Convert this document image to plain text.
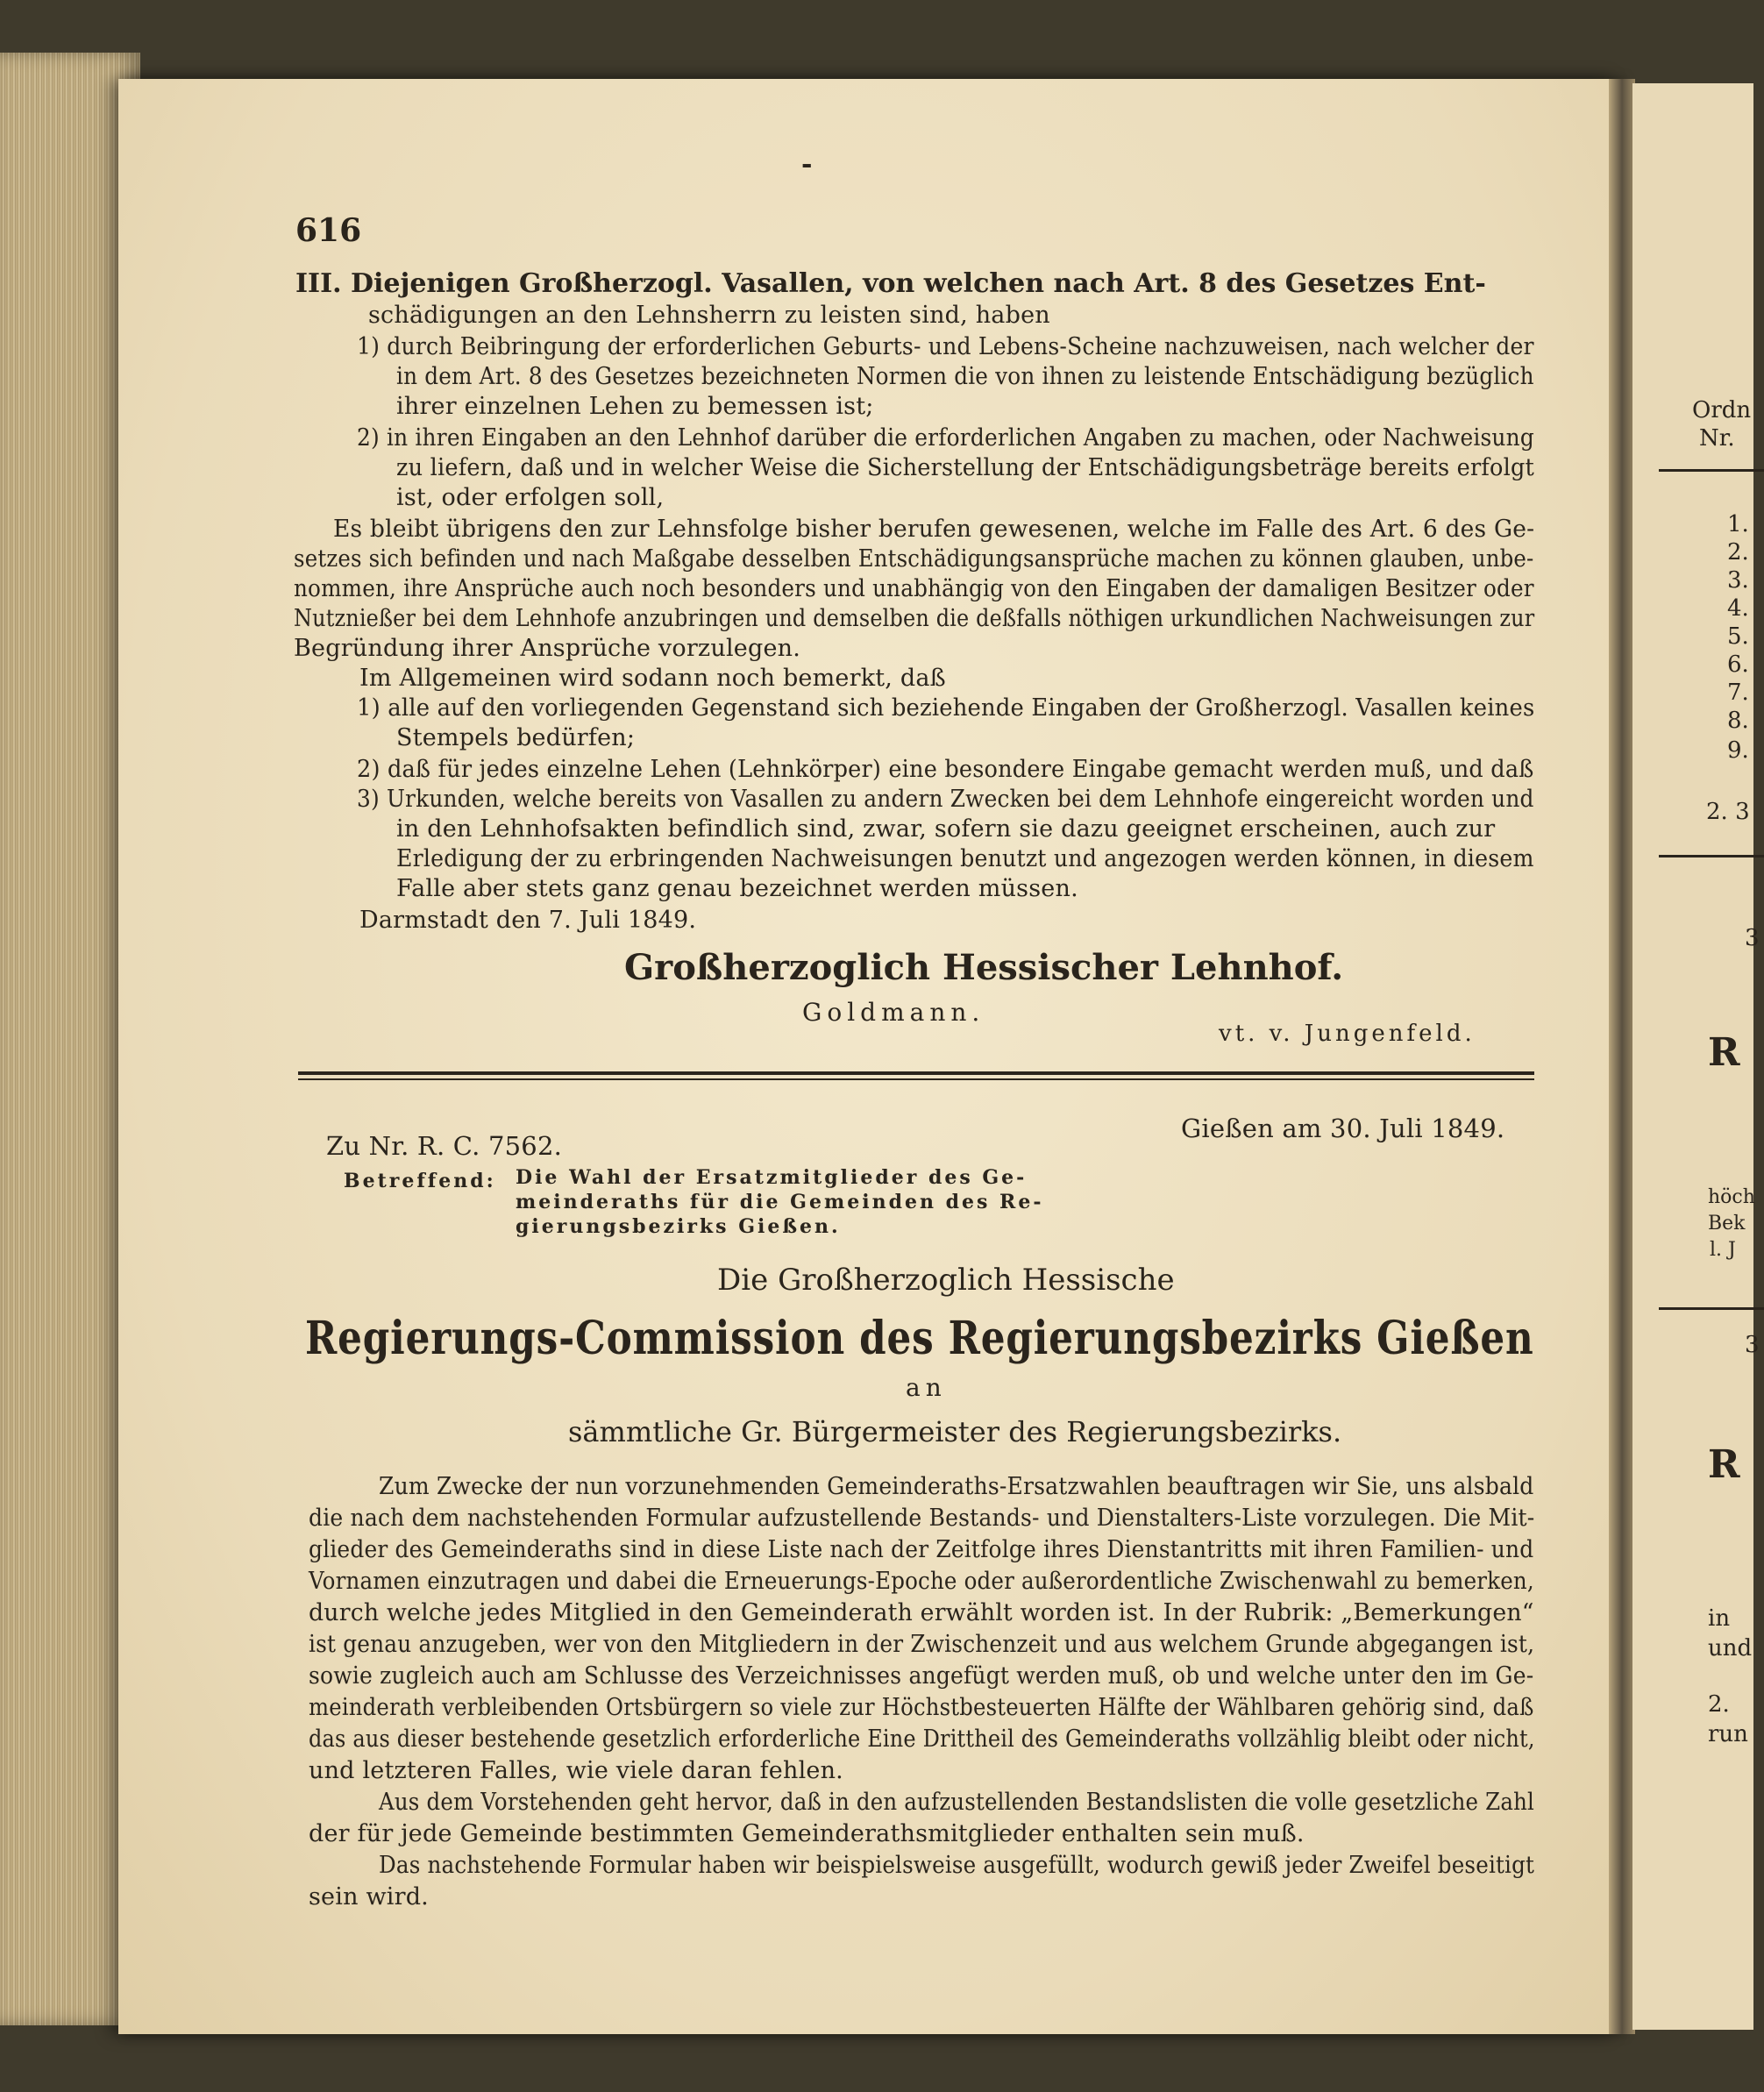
Ordn
Nr.
1.
2.
3.
4.
5.
6.
7.
8.
9.
2. 3
3
R
höch
Bek
l. J
3
R
in
und
2.
run
-
616
III. Diejenigen Großherzogl. Vasallen, von welchen nach Art. 8 des Gesetzes Ent-
schädigungen an den Lehnsherrn zu leisten sind, haben
1) durch Beibringung der erforderlichen Geburts- und Lebens-Scheine nachzuweisen, nach welcher der
in dem Art. 8 des Gesetzes bezeichneten Normen die von ihnen zu leistende Entschädigung bezüglich
ihrer einzelnen Lehen zu bemessen ist;
2) in ihren Eingaben an den Lehnhof darüber die erforderlichen Angaben zu machen, oder Nachweisung
zu liefern, daß und in welcher Weise die Sicherstellung der Entschädigungsbeträge bereits erfolgt
ist, oder erfolgen soll,
Es bleibt übrigens den zur Lehnsfolge bisher berufen gewesenen, welche im Falle des Art. 6 des Ge-
setzes sich befinden und nach Maßgabe desselben Entschädigungsansprüche machen zu können glauben, unbe-
nommen, ihre Ansprüche auch noch besonders und unabhängig von den Eingaben der damaligen Besitzer oder
Nutznießer bei dem Lehnhofe anzubringen und demselben die deßfalls nöthigen urkundlichen Nachweisungen zur
Begründung ihrer Ansprüche vorzulegen.
Im Allgemeinen wird sodann noch bemerkt, daß
1) alle auf den vorliegenden Gegenstand sich beziehende Eingaben der Großherzogl. Vasallen keines
Stempels bedürfen;
2) daß für jedes einzelne Lehen (Lehnkörper) eine besondere Eingabe gemacht werden muß, und daß
3) Urkunden, welche bereits von Vasallen zu andern Zwecken bei dem Lehnhofe eingereicht worden und
in den Lehnhofsakten befindlich sind, zwar, sofern sie dazu geeignet erscheinen, auch zur
Erledigung der zu erbringenden Nachweisungen benutzt und angezogen werden können, in diesem
Falle aber stets ganz genau bezeichnet werden müssen.
Darmstadt den 7. Juli 1849.
Großherzoglich Hessischer Lehnhof.
Goldmann.
vt. v. Jungenfeld.
Zu Nr. R. C. 7562.
Gießen am 30. Juli 1849.
Betreffend: Die Wahl der Ersatzmitglieder des Ge-
meinderaths für die Gemeinden des Re-
gierungsbezirks Gießen.
Die Großherzoglich Hessische
Regierungs-Commission des Regierungsbezirks Gießen
an
sämmtliche Gr. Bürgermeister des Regierungsbezirks.
Zum Zwecke der nun vorzunehmenden Gemeinderaths-Ersatzwahlen beauftragen wir Sie, uns alsbald
die nach dem nachstehenden Formular aufzustellende Bestands- und Dienstalters-Liste vorzulegen. Die Mit-
glieder des Gemeinderaths sind in diese Liste nach der Zeitfolge ihres Dienstantritts mit ihren Familien- und
Vornamen einzutragen und dabei die Erneuerungs-Epoche oder außerordentliche Zwischenwahl zu bemerken,
durch welche jedes Mitglied in den Gemeinderath erwählt worden ist. In der Rubrik: „Bemerkungen“
ist genau anzugeben, wer von den Mitgliedern in der Zwischenzeit und aus welchem Grunde abgegangen ist,
sowie zugleich auch am Schlusse des Verzeichnisses angefügt werden muß, ob und welche unter den im Ge-
meinderath verbleibenden Ortsbürgern so viele zur Höchstbesteuerten Hälfte der Wählbaren gehörig sind, daß
das aus dieser bestehende gesetzlich erforderliche Eine Drittheil des Gemeinderaths vollzählig bleibt oder nicht,
und letzteren Falles, wie viele daran fehlen.
Aus dem Vorstehenden geht hervor, daß in den aufzustellenden Bestandslisten die volle gesetzliche Zahl
der für jede Gemeinde bestimmten Gemeinderathsmitglieder enthalten sein muß.
Das nachstehende Formular haben wir beispielsweise ausgefüllt, wodurch gewiß jeder Zweifel beseitigt
sein wird.
